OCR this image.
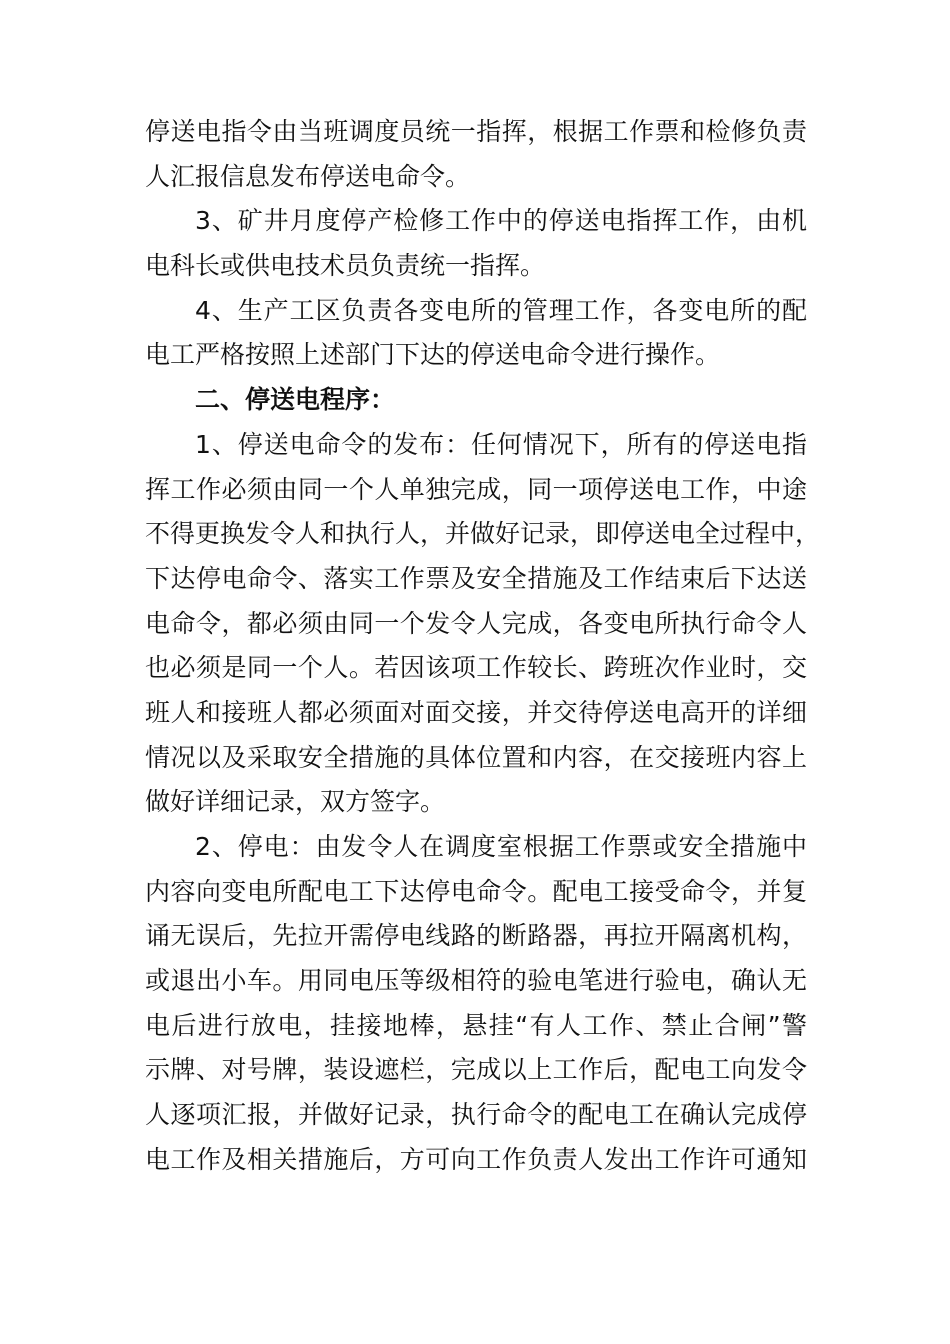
停送电指令由当班调度员统一指挥，根据工作票和检修负责
人汇报信息发布停送电命令。
3、矿井月度停产检修工作中的停送电指挥工作，由机
电科长或供电技术员负责统一指挥。
4、生产工区负责各变电所的管理工作，各变电所的配
电工严格按照上述部门下达的停送电命令进行操作。
二、停送电程序：
1、停送电命令的发布：任何情况下，所有的停送电指
挥工作必须由同一个人单独完成，同一项停送电工作，中途
不得更换发令人和执行人，并做好记录，即停送电全过程中，
下达停电命令、落实工作票及安全措施及工作结束后下达送
电命令，都必须由同一个发令人完成，各变电所执行命令人
也必须是同一个人。若因该项工作较长、跨班次作业时，交
班人和接班人都必须面对面交接，并交待停送电高开的详细
情况以及采取安全措施的具体位置和内容，在交接班内容上
做好详细记录，双方签字。
2、停电：由发令人在调度室根据工作票或安全措施中
内容向变电所配电工下达停电命令。配电工接受命令，并复
诵无误后，先拉开需停电线路的断路器，再拉开隔离机构，
或退出小车。用同电压等级相符的验电笔进行验电，确认无
电后进行放电，挂接地棒，悬挂“有人工作、禁止合闸”警
示牌、对号牌，装设遮栏，完成以上工作后，配电工向发令
人逐项汇报，并做好记录，执行命令的配电工在确认完成停
电工作及相关措施后，方可向工作负责人发出工作许可通知
